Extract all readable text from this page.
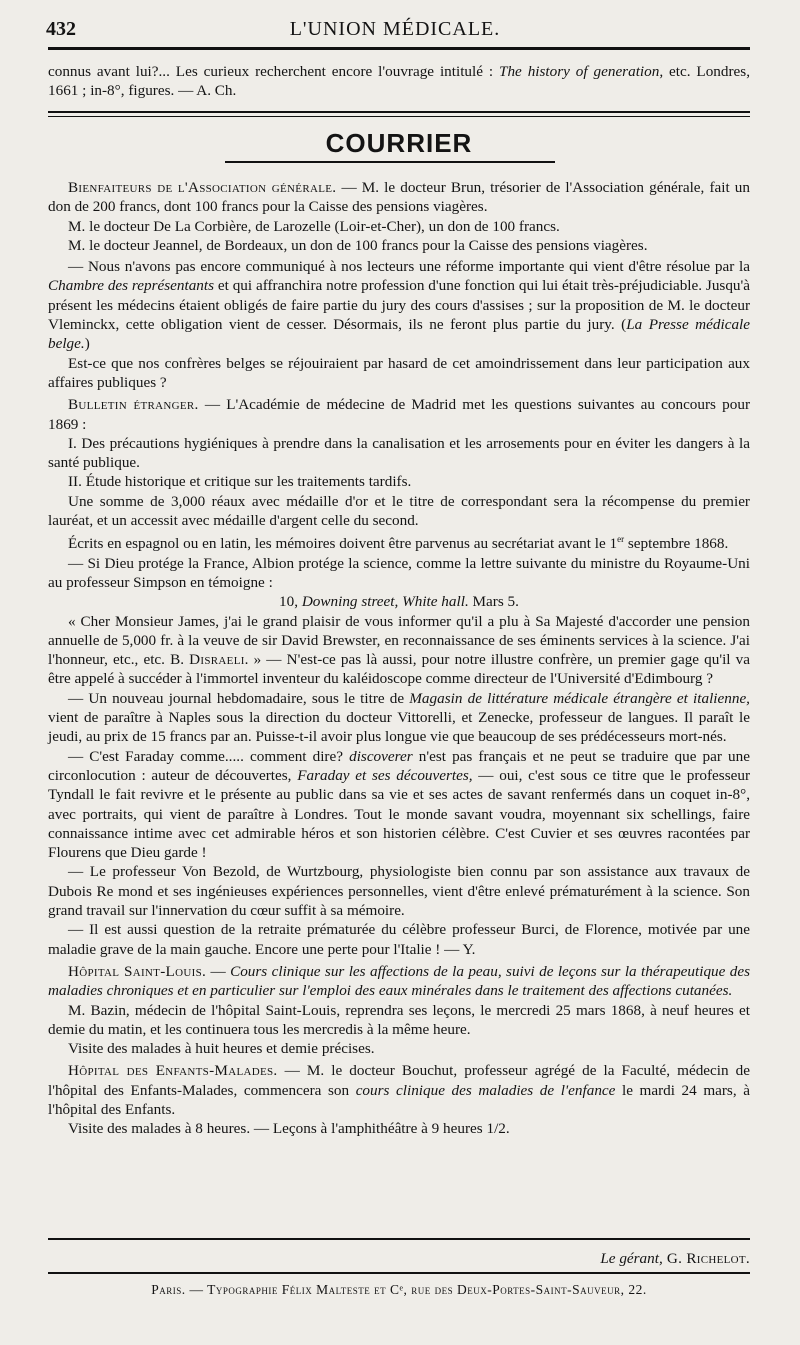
432	L'UNION MÉDICALE.

connus avant lui?... Les curieux recherchent encore l'ouvrage intitulé : The history of generation, etc. Londres, 1661 ; in-8°, figures. — A. Ch.

COURRIER

Bienfaiteurs de l'Association générale. — M. le docteur Brun, trésorier de l'Association générale, fait un don de 200 francs, dont 100 francs pour la Caisse des pensions viagères.

M. le docteur De La Corbière, de Larozelle (Loir-et-Cher), un don de 100 francs.

M. le docteur Jeannel, de Bordeaux, un don de 100 francs pour la Caisse des pensions viagères.

— Nous n'avons pas encore communiqué à nos lecteurs une réforme importante qui vient d'être résolue par la Chambre des représentants et qui affranchira notre profession d'une fonction qui lui était très-préjudiciable. Jusqu'à présent les médecins étaient obligés de faire partie du jury des cours d'assises ; sur la proposition de M. le docteur Vleminckx, cette obligation vient de cesser. Désormais, ils ne feront plus partie du jury. (La Presse médicale belge.)

Est-ce que nos confrères belges se réjouiraient par hasard de cet amoindrissement dans leur participation aux affaires publiques ?

Bulletin étranger. — L'Académie de médecine de Madrid met les questions suivantes au concours pour 1869 :

I. Des précautions hygiéniques à prendre dans la canalisation et les arrosements pour en éviter les dangers à la santé publique.

II. Étude historique et critique sur les traitements tardifs.

Une somme de 3,000 réaux avec médaille d'or et le titre de correspondant sera la récompense du premier lauréat, et un accessit avec médaille d'argent celle du second.

Écrits en espagnol ou en latin, les mémoires doivent être parvenus au secrétariat avant le 1er septembre 1868.

— Si Dieu protége la France, Albion protége la science, comme la lettre suivante du ministre du Royaume-Uni au professeur Simpson en témoigne :

10, Downing street, White hall. Mars 5.

« Cher Monsieur James, j'ai le grand plaisir de vous informer qu'il a plu à Sa Majesté d'accorder une pension annuelle de 5,000 fr. à la veuve de sir David Brewster, en reconnaissance de ses éminents services à la science. J'ai l'honneur, etc., etc. B. Disraeli. » — N'est-ce pas là aussi, pour notre illustre confrère, un premier gage qu'il va être appelé à succéder à l'immortel inventeur du kaléidoscope comme directeur de l'Université d'Edimbourg ?

— Un nouveau journal hebdomadaire, sous le titre de Magasin de littérature médicale étrangère et italienne, vient de paraître à Naples sous la direction du docteur Vittorelli, et Zenecke, professeur de langues. Il paraît le jeudi, au prix de 15 francs par an. Puisse-t-il avoir plus longue vie que beaucoup de ses prédécesseurs mort-nés.

— C'est Faraday comme..... comment dire? discoverer n'est pas français et ne peut se traduire que par une circonlocution : auteur de découvertes, Faraday et ses découvertes, — oui, c'est sous ce titre que le professeur Tyndall le fait revivre et le présente au public dans sa vie et ses actes de savant renfermés dans un coquet in-8°, avec portraits, qui vient de paraître à Londres. Tout le monde savant voudra, moyennant six schellings, faire connaissance intime avec cet admirable héros et son historien célèbre. C'est Cuvier et ses œuvres racontées par Flourens que Dieu garde !

— Le professeur Von Bezold, de Wurtzbourg, physiologiste bien connu par son assistance aux travaux de Dubois Re mond et ses ingénieuses expériences personnelles, vient d'être enlevé prématurément à la science. Son grand travail sur l'innervation du cœur suffit à sa mémoire.

— Il est aussi question de la retraite prématurée du célèbre professeur Burci, de Florence, motivée par une maladie grave de la main gauche. Encore une perte pour l'Italie ! — Y.

Hôpital Saint-Louis. — Cours clinique sur les affections de la peau, suivi de leçons sur la thérapeutique des maladies chroniques et en particulier sur l'emploi des eaux minérales dans le traitement des affections cutanées.

M. Bazin, médecin de l'hôpital Saint-Louis, reprendra ses leçons, le mercredi 25 mars 1868, à neuf heures et demie du matin, et les continuera tous les mercredis à la même heure.

Visite des malades à huit heures et demie précises.

Hôpital des Enfants-Malades. — M. le docteur Bouchut, professeur agrégé de la Faculté, médecin de l'hôpital des Enfants-Malades, commencera son cours clinique des maladies de l'enfance le mardi 24 mars, à l'hôpital des Enfants.

Visite des malades à 8 heures. — Leçons à l'amphithéâtre à 9 heures 1/2.

Le gérant, G. Richelot.
Paris. — Typographie Félix Malteste et Cᵉ, rue des Deux-Portes-Saint-Sauveur, 22.
